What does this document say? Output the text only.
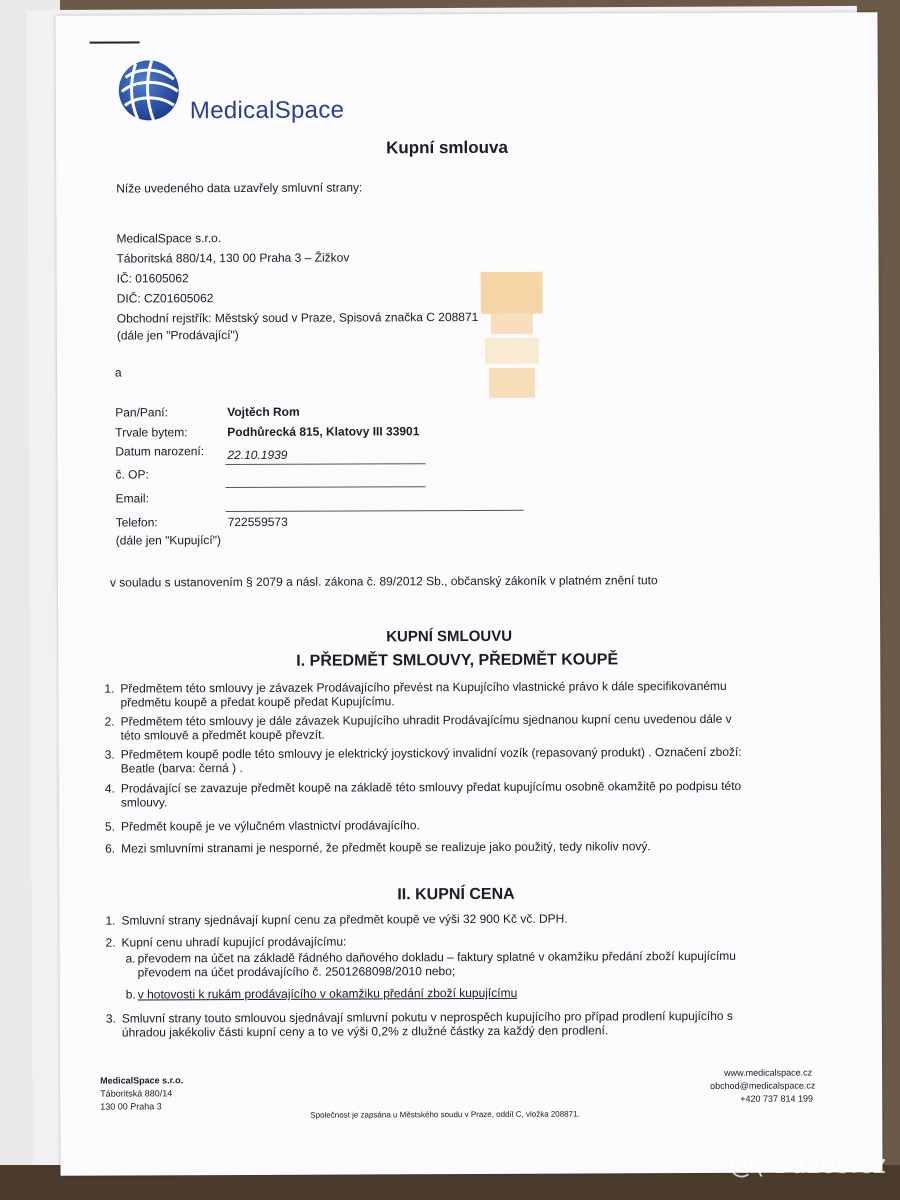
MedicalSpace
Kupní smlouva
Níže uvedeného data uzavřely smluvní strany:
MedicalSpace s.r.o.
Táboritská 880/14, 130 00 Praha 3 – Žižkov
IČ: 01605062
DIČ: CZ01605062
Obchodní rejstřík: Městský soud v Praze, Spisová značka C 208871
(dále jen "Prodávající")
a
Pan/Paní:	Vojtěch Rom
Trvale bytem:	Podhůrecká 815, Klatovy III 33901
Datum narození: 22.10.1939
č. OP:
Email:
Telefon:	722559573
(dále jen "Kupující")
v souladu s ustanovením § 2079 a násl. zákona č. 89/2012 Sb., občanský zákoník v platném znění tuto
KUPNÍ SMLOUVU
I. PŘEDMĚT SMLOUVY, PŘEDMĚT KOUPĚ
1. Předmětem této smlouvy je závazek Prodávajícího převést na Kupujícího vlastnické právo k dále specifikovanému
předmětu koupě a předat koupě předat Kupujícímu.
2. Předmětem této smlouvy je dále závazek Kupujícího uhradit Prodávajícímu sjednanou kupní cenu uvedenou dále v
této smlouvě a předmět koupě převzít.
3. Předmětem koupě podle této smlouvy je elektrický joystickový invalidní vozík (repasovaný produkt) . Označení zboží:
Beatle (barva: černá ) .
4. Prodávající se zavazuje předmět koupě na základě této smlouvy předat kupujícímu osobně okamžitě po podpisu této
smlouvy.
5. Předmět koupě je ve výlučném vlastnictví prodávajícího.
6. Mezi smluvními stranami je nesporné, že předmět koupě se realizuje jako použitý, tedy nikoliv nový.
II. KUPNÍ CENA
1. Smluvní strany sjednávají kupní cenu za předmět koupě ve výši 32 900 Kč vč. DPH.
2. Kupní cenu uhradí kupující prodávajícímu:
a. převodem na účet na základě řádného daňového dokladu – faktury splatné v okamžiku předání zboží kupujícímu
převodem na účet prodávajícího č. 2501268098/2010 nebo;
b. v hotovosti k rukám prodávajícího v okamžiku předání zboží kupujícímu
3. Smluvní strany touto smlouvou sjednávají smluvní pokutu v neprospěch kupujícího pro případ prodlení kupujícího s
úhradou jakékoliv části kupní ceny a to ve výši 0,2% z dlužné částky za každý den prodlení.
MedicalSpace s.r.o.
Táboritská 880/14
130 00 Praha 3
www.medicalspace.cz
obchod@medicalspace.cz
+420 737 814 199
Společnost je zapsána u Městského soudu v Praze, oddíl C, vložka 208871.
@( Bazos.cz
